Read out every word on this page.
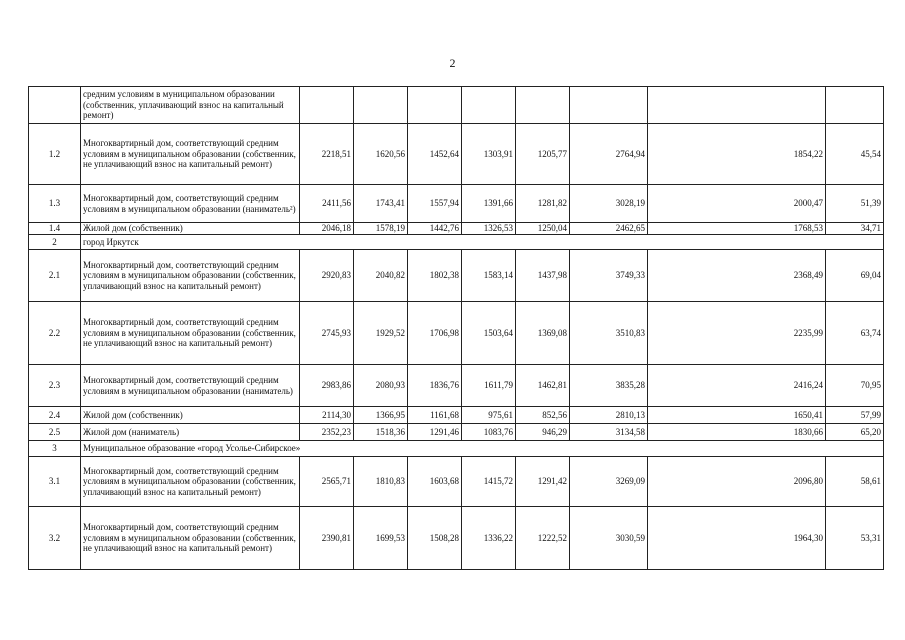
2
	средним условиям в муниципальном образовании (собственник, уплачивающий взнос на капитальный ремонт)								
1.2	Многоквартирный дом, соответствующий средним условиям в муниципальном образовании (собственник, не уплачивающий взнос на капитальный ремонт)	2218,51	1620,56	1452,64	1303,91	1205,77	2764,94	1854,22	45,54
1.3	Многоквартирный дом, соответствующий средним условиям в муниципальном образовании (наниматель²)	2411,56	1743,41	1557,94	1391,66	1281,82	3028,19	2000,47	51,39
1.4	Жилой дом (собственник)	2046,18	1578,19	1442,76	1326,53	1250,04	2462,65	1768,53	34,71
2	город Иркутск								
2.1	Многоквартирный дом, соответствующий средним условиям в муниципальном образовании (собственник, уплачивающий взнос на капитальный ремонт)	2920,83	2040,82	1802,38	1583,14	1437,98	3749,33	2368,49	69,04
2.2	Многоквартирный дом, соответствующий средним условиям в муниципальном образовании (собственник, не уплачивающий взнос на капитальный ремонт)	2745,93	1929,52	1706,98	1503,64	1369,08	3510,83	2235,99	63,74
2.3	Многоквартирный дом, соответствующий средним условиям в муниципальном образовании (наниматель)	2983,86	2080,93	1836,76	1611,79	1462,81	3835,28	2416,24	70,95
2.4	Жилой дом (собственник)	2114,30	1366,95	1161,68	975,61	852,56	2810,13	1650,41	57,99
2.5	Жилой дом (наниматель)	2352,23	1518,36	1291,46	1083,76	946,29	3134,58	1830,66	65,20
3	Муниципальное образование «город Усолье-Сибирское»								
3.1	Многоквартирный дом, соответствующий средним условиям в муниципальном образовании (собственник, уплачивающий взнос на капитальный ремонт)	2565,71	1810,83	1603,68	1415,72	1291,42	3269,09	2096,80	58,61
3.2	Многоквартирный дом, соответствующий средним условиям в муниципальном образовании (собственник, не уплачивающий взнос на капитальный ремонт)	2390,81	1699,53	1508,28	1336,22	1222,52	3030,59	1964,30	53,31
